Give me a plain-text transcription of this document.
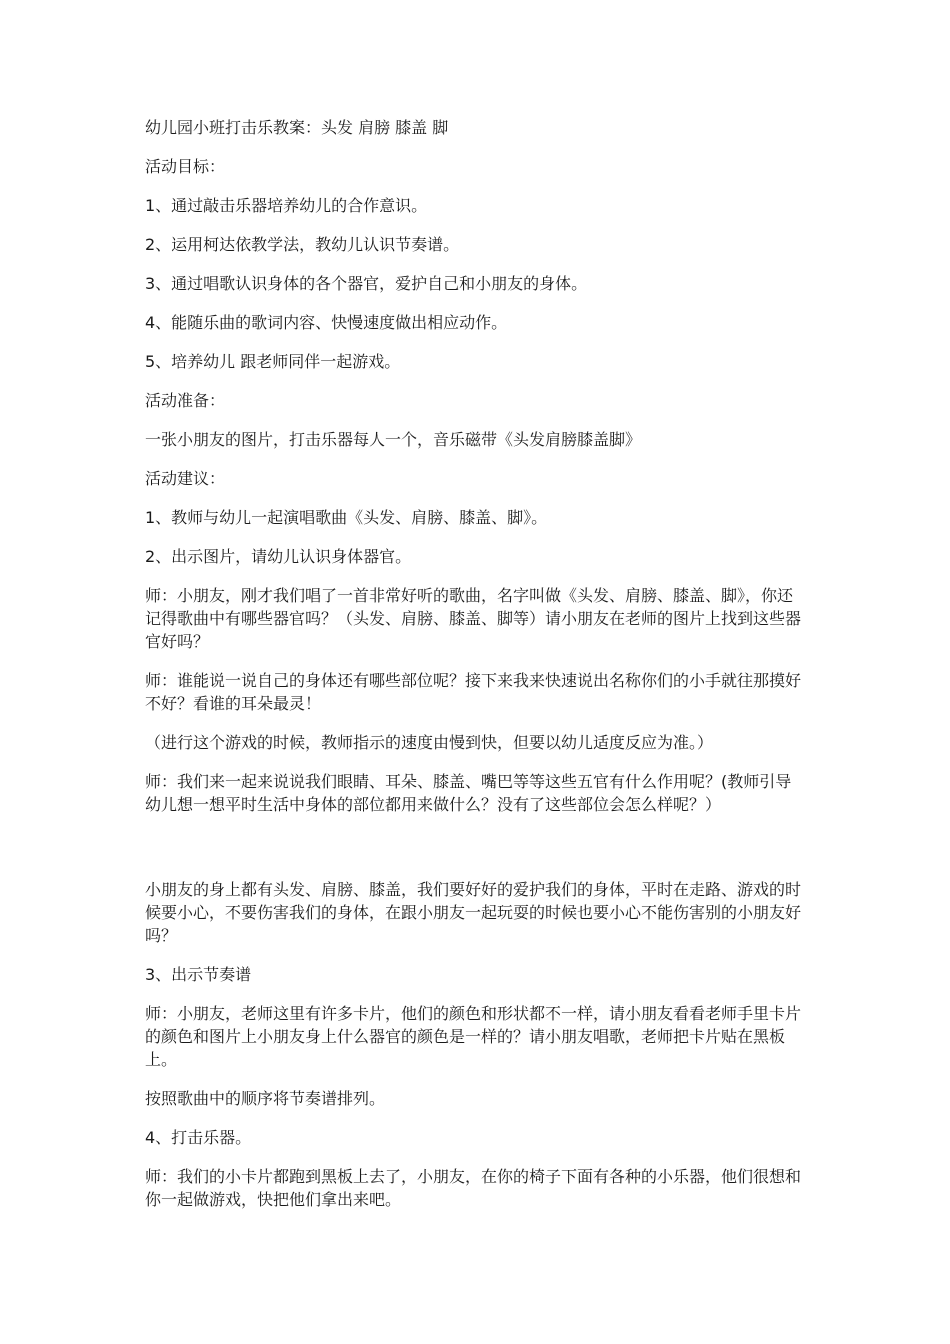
幼儿园小班打击乐教案：头发 肩膀 膝盖 脚

活动目标：

1、通过敲击乐器培养幼儿的合作意识。

2、运用柯达依教学法，教幼儿认识节奏谱。

3、通过唱歌认识身体的各个器官，爱护自己和小朋友的身体。

4、能随乐曲的歌词内容、快慢速度做出相应动作。

5、培养幼儿 跟老师同伴一起游戏。

活动准备：

一张小朋友的图片，打击乐器每人一个，音乐磁带《头发肩膀膝盖脚》

活动建议：

1、教师与幼儿一起演唱歌曲《头发、肩膀、膝盖、脚》。

2、出示图片，请幼儿认识身体器官。

师：小朋友，刚才我们唱了一首非常好听的歌曲，名字叫做《头发、肩膀、膝盖、脚》，你还记得歌曲中有哪些器官吗？（头发、肩膀、膝盖、脚等）请小朋友在老师的图片上找到这些器官好吗？

师：谁能说一说自己的身体还有哪些部位呢？接下来我来快速说出名称你们的小手就往那摸好不好？看谁的耳朵最灵！

（进行这个游戏的时候，教师指示的速度由慢到快，但要以幼儿适度反应为准。）

师：我们来一起来说说我们眼睛、耳朵、膝盖、嘴巴等等这些五官有什么作用呢？(教师引导幼儿想一想平时生活中身体的部位都用来做什么？没有了这些部位会怎么样呢？）

小朋友的身上都有头发、肩膀、膝盖，我们要好好的爱护我们的身体，平时在走路、游戏的时候要小心，不要伤害我们的身体，在跟小朋友一起玩耍的时候也要小心不能伤害别的小朋友好吗？

3、出示节奏谱

师：小朋友，老师这里有许多卡片，他们的颜色和形状都不一样，请小朋友看看老师手里卡片的颜色和图片上小朋友身上什么器官的颜色是一样的？请小朋友唱歌，老师把卡片贴在黑板上。

按照歌曲中的顺序将节奏谱排列。

4、打击乐器。

师：我们的小卡片都跑到黑板上去了，小朋友，在你的椅子下面有各种的小乐器，他们很想和你一起做游戏，快把他们拿出来吧。
